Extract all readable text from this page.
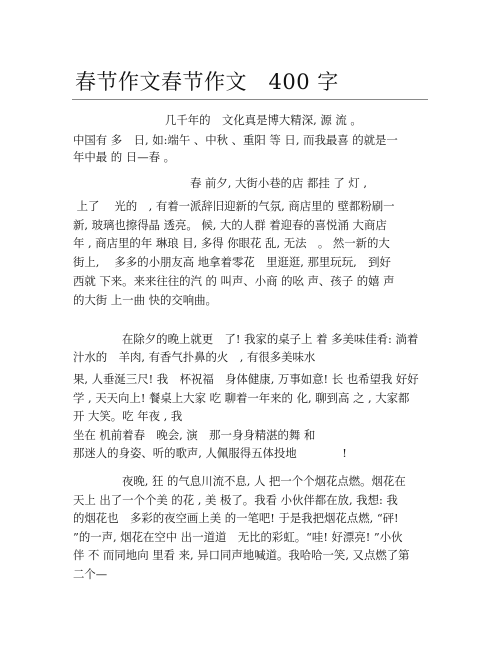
春节作文春节作文　400 字
几千年的　文化真是博大精深, 源 流 。
中国有 多　日, 如:端午 、中秋 、重阳 等 日, 而我最喜 的就是一
年中最 的 日—春 。
春 前夕, 大街小巷的店 都挂 了 灯 ,
上了　 光的　, 有着一派辞旧迎新的气氛, 商店里的 壁都粉刷一
新, 玻璃也擦得晶 透亮。 候, 大的人群 着迎春的喜悦涌 大商店
年 , 商店里的年 琳琅 目, 多得 你眼花 乱, 无法　。 然一新的大
街上,　 多多的小朋友高 地拿着零花　里逛逛, 那里玩玩,　到好
西就 下来。来来往往的汽 的 叫声、小商 的吆 声、孩子 的嬉 声
的大街 上一曲 快的交响曲。
在除夕的晚上就更　了! 我家的桌子上 着 多美味佳肴: 淌着
汁水的　羊肉, 有香气扑鼻的火　, 有很多美味水
果, 人垂涎三尺! 我　杯祝福　身体健康, 万事如意! 长 也希望我 好好
学 , 天天向上! 餐桌上大家 吃 聊着一年来的 化, 聊到高 之 , 大家都
开 大笑。吃 年夜 , 我
坐在 机前着春　晚会, 演　那一身身精湛的舞 和
那迷人的身姿、听的歌声, 人佩服得五体投地　　　　!
夜晚, 狂 的气息川流不息, 人 把一个个烟花点燃。烟花在
天上 出了一个个美 的花 , 美 极了。我看 小伙伴都在放, 我想: 我
的烟花也　多彩的夜空画上美 的一笔吧! 于是我把烟花点燃, “砰!
”的一声, 烟花在空中 出一道道　无比的彩虹。“哇! 好漂亮! ”小伙
伴 不 而同地向 里看 来, 异口同声地喊道。我哈哈一笑, 又点燃了第
二个—
